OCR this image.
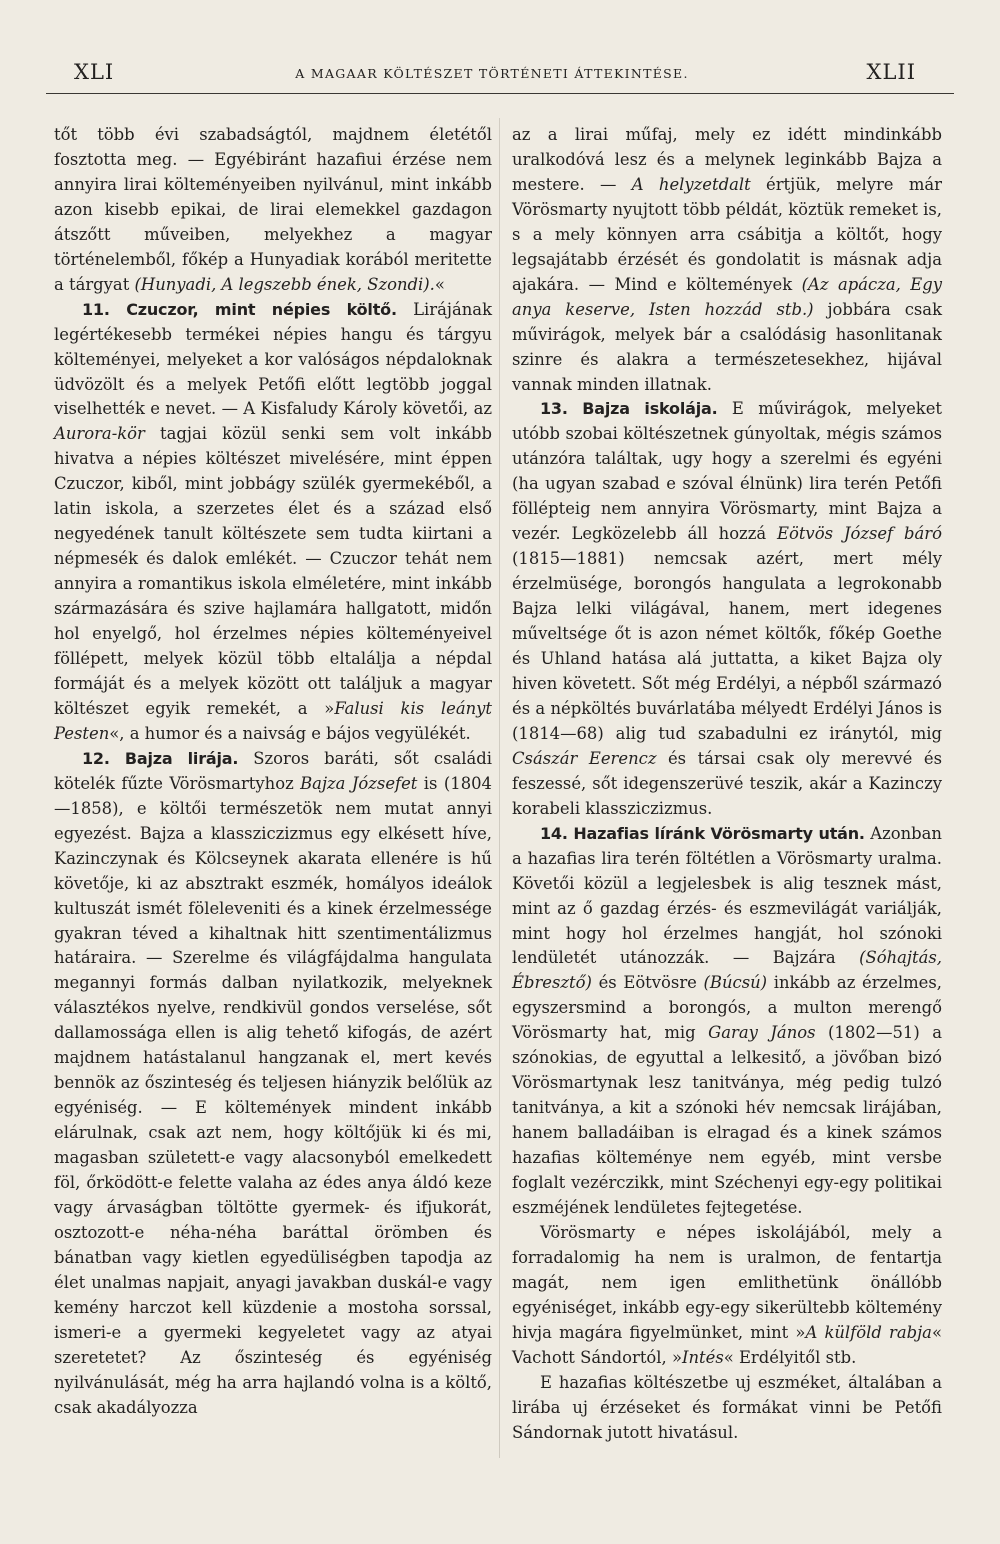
XLI	A MAGAAR KÖLTÉSZET TÖRTÉNETI ÁTTEKINTÉSE.	XLII

tőt több évi szabadságtól, majdnem életétől fosztotta meg. — Egyébiránt hazafiui érzése nem annyira lirai költeményeiben nyilvánul, mint inkább azon kisebb epikai, de lirai elemekkel gazdagon átszőtt műveiben, melyekhez a magyar történelemből, főkép a Hunyadiak korából meritette a tárgyat (Hunyadi, A legszebb ének, Szondi).«

11. Czuczor, mint népies költő. Lirájának legértékesebb termékei népies hangu és tárgyu költeményei, melyeket a kor valóságos népdaloknak üdvözölt és a melyek Petőfi előtt legtöbb joggal viselhették e nevet. — A Kisfaludy Károly követői, az Aurora-kör tagjai közül senki sem volt inkább hivatva a népies költészet mivelésére, mint éppen Czuczor, kiből, mint jobbágy szülék gyermekéből, a latin iskola, a szerzetes élet és a század első negyedének tanult költészete sem tudta kiirtani a népmesék és dalok emlékét. — Czuczor tehát nem annyira a romantikus iskola elméletére, mint inkább származására és szive hajlamára hallgatott, midőn hol enyelgő, hol érzelmes népies költeményeivel föllépett, melyek közül több eltalálja a népdal formáját és a melyek között ott találjuk a magyar költészet egyik remekét, a »Falusi kis leányt Pesten«, a humor és a naivság e bájos vegyülékét.

12. Bajza lirája. Szoros baráti, sőt családi kötelék fűzte Vörösmartyhoz Bajza Józsefet is (1804—1858), e költői természetök nem mutat annyi egyezést. Bajza a klassziczizmus egy elkésett híve, Kazinczynak és Kölcseynek akarata ellenére is hű követője, ki az absztrakt eszmék, homályos ideálok kultuszát ismét föleleveniti és a kinek érzelmessége gyakran téved a kihaltnak hitt szentimentálizmus határaira. — Szerelme és világfájdalma hangulata megannyi formás dalban nyilatkozik, melyeknek választékos nyelve, rendkivül gondos verselése, sőt dallamossága ellen is alig tehető kifogás, de azért majdnem hatástalanul hangzanak el, mert kevés bennök az őszinteség és teljesen hiányzik belőlük az egyéniség. — E költemények mindent inkább elárulnak, csak azt nem, hogy költőjük ki és mi, magasban született-e vagy alacsonyból emelkedett föl, őrködött-e felette valaha az édes anya áldó keze vagy árvaságban töltötte gyermek- és ifjukorát, osztozott-e néha-néha baráttal örömben és bánatban vagy kietlen egyedüliségben tapodja az élet unalmas napjait, anyagi javakban duskál-e vagy kemény harczot kell küzdenie a mostoha sorssal, ismeri-e a gyermeki kegyeletet vagy az atyai szeretetet? Az őszinteség és egyéniség nyilvánulását, még ha arra hajlandó volna is a költő, csak akadályozza

az a lirai műfaj, mely ez idétt mindinkább uralkodóvá lesz és a melynek leginkább Bajza a mestere. — A helyzetdalt értjük, melyre már Vörösmarty nyujtott több példát, köztük remeket is, s a mely könnyen arra csábitja a költőt, hogy legsajátabb érzését és gondolatit is másnak adja ajakára. — Mind e költemények (Az apácza, Egy anya keserve, Isten hozzád stb.) jobbára csak művirágok, melyek bár a csalódásig hasonlitanak szinre és alakra a természetesekhez, hijával vannak minden illatnak.

13. Bajza iskolája. E művirágok, melyeket utóbb szobai költészetnek gúnyoltak, mégis számos utánzóra találtak, ugy hogy a szerelmi és egyéni (ha ugyan szabad e szóval élnünk) lira terén Petőfi föllépteig nem annyira Vörösmarty, mint Bajza a vezér. Legközelebb áll hozzá Eötvös József báró (1815—1881) nemcsak azért, mert mély érzelmüsége, borongós hangulata a legrokonabb Bajza lelki világával, hanem, mert idegenes műveltsége őt is azon német költők, főkép Goethe és Uhland hatása alá juttatta, a kiket Bajza oly hiven követett. Sőt még Erdélyi, a népből származó és a népköltés buvárlatába mélyedt Erdélyi János is (1814—68) alig tud szabadulni ez iránytól, mig Császár Eerencz és társai csak oly merevvé és feszessé, sőt idegenszerüvé teszik, akár a Kazinczy korabeli klassziczizmus.

14. Hazafias líránk Vörösmarty után. Azonban a hazafias lira terén föltétlen a Vörösmarty uralma. Követői közül a legjelesbek is alig tesznek mást, mint az ő gazdag érzés- és eszmevilágát variálják, mint hogy hol érzelmes hangját, hol szónoki lendületét utánozzák. — Bajzára (Sóhajtás, Ébresztő) és Eötvösre (Búcsú) inkább az érzelmes, egyszersmind a borongós, a multon merengő Vörösmarty hat, mig Garay János (1802—51) a szónokias, de egyuttal a lelkesitő, a jövőban bizó Vörösmartynak lesz tanitványa, még pedig tulzó tanitványa, a kit a szónoki hév nemcsak lirájában, hanem balladáiban is elragad és a kinek számos hazafias költeménye nem egyéb, mint versbe foglalt vezérczikk, mint Széchenyi egy-egy politikai eszméjének lendületes fejtegetése.

Vörösmarty e népes iskolájából, mely a forradalomig ha nem is uralmon, de fentartja magát, nem igen emlithetünk önállóbb egyéniséget, inkább egy-egy sikerültebb költemény hivja magára figyelmünket, mint »A külföld rabja« Vachott Sándortól, »Intés« Erdélyitől stb.

E hazafias költészetbe uj eszméket, általában a lirába uj érzéseket és formákat vinni be Petőfi Sándornak jutott hivatásul.
